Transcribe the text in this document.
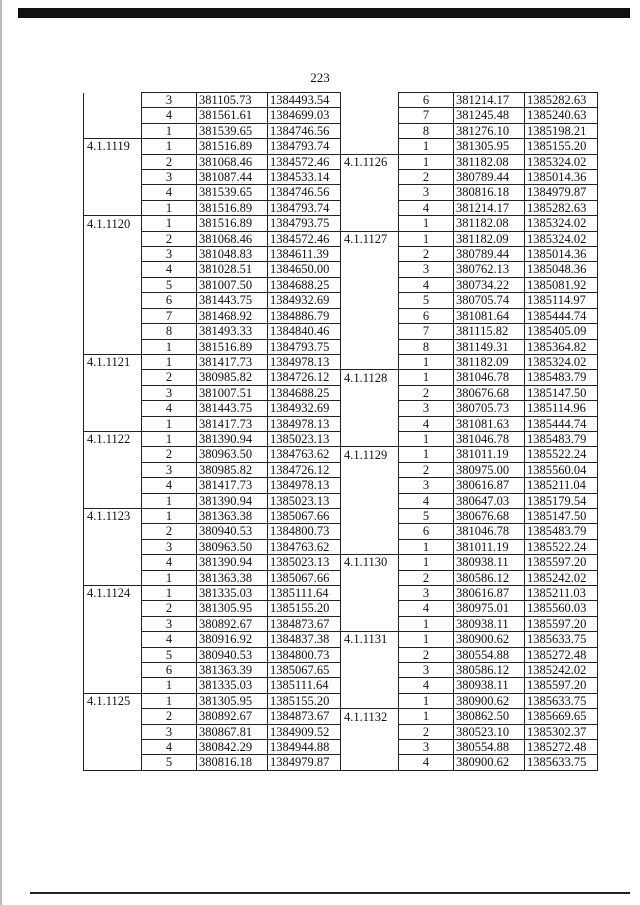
223
	3	381105.73	1384493.54
	4	381561.61	1384699.03
	1	381539.65	1384746.56
4.1.1119	1	381516.89	1384793.74
	2	381068.46	1384572.46
	3	381087.44	1384533.14
	4	381539.65	1384746.56
	1	381516.89	1384793.74
4.1.1120	1	381516.89	1384793.75
	2	381068.46	1384572.46
	3	381048.83	1384611.39
	4	381028.51	1384650.00
	5	381007.50	1384688.25
	6	381443.75	1384932.69
	7	381468.92	1384886.79
	8	381493.33	1384840.46
	1	381516.89	1384793.75
4.1.1121	1	381417.73	1384978.13
	2	380985.82	1384726.12
	3	381007.51	1384688.25
	4	381443.75	1384932.69
	1	381417.73	1384978.13
4.1.1122	1	381390.94	1385023.13
	2	380963.50	1384763.62
	3	380985.82	1384726.12
	4	381417.73	1384978.13
	1	381390.94	1385023.13
4.1.1123	1	381363.38	1385067.66
	2	380940.53	1384800.73
	3	380963.50	1384763.62
	4	381390.94	1385023.13
	1	381363.38	1385067.66
4.1.1124	1	381335.03	1385111.64
	2	381305.95	1385155.20
	3	380892.67	1384873.67
	4	380916.92	1384837.38
	5	380940.53	1384800.73
	6	381363.39	1385067.65
	1	381335.03	1385111.64
4.1.1125	1	381305.95	1385155.20
	2	380892.67	1384873.67
	3	380867.81	1384909.52
	4	380842.29	1384944.88
	5	380816.18	1384979.87
	6	381214.17	1385282.63
	7	381245.48	1385240.63
	8	381276.10	1385198.21
	1	381305.95	1385155.20
4.1.1126	1	381182.08	1385324.02
	2	380789.44	1385014.36
	3	380816.18	1384979.87
	4	381214.17	1385282.63
	1	381182.08	1385324.02
4.1.1127	1	381182.09	1385324.02
	2	380789.44	1385014.36
	3	380762.13	1385048.36
	4	380734.22	1385081.92
	5	380705.74	1385114.97
	6	381081.64	1385444.74
	7	381115.82	1385405.09
	8	381149.31	1385364.82
	1	381182.09	1385324.02
4.1.1128	1	381046.78	1385483.79
	2	380676.68	1385147.50
	3	380705.73	1385114.96
	4	381081.63	1385444.74
	1	381046.78	1385483.79
4.1.1129	1	381011.19	1385522.24
	2	380975.00	1385560.04
	3	380616.87	1385211.04
	4	380647.03	1385179.54
	5	380676.68	1385147.50
	6	381046.78	1385483.79
	1	381011.19	1385522.24
4.1.1130	1	380938.11	1385597.20
	2	380586.12	1385242.02
	3	380616.87	1385211.03
	4	380975.01	1385560.03
	1	380938.11	1385597.20
4.1.1131	1	380900.62	1385633.75
	2	380554.88	1385272.48
	3	380586.12	1385242.02
	4	380938.11	1385597.20
	1	380900.62	1385633.75
4.1.1132	1	380862.50	1385669.65
	2	380523.10	1385302.37
	3	380554.88	1385272.48
	4	380900.62	1385633.75
